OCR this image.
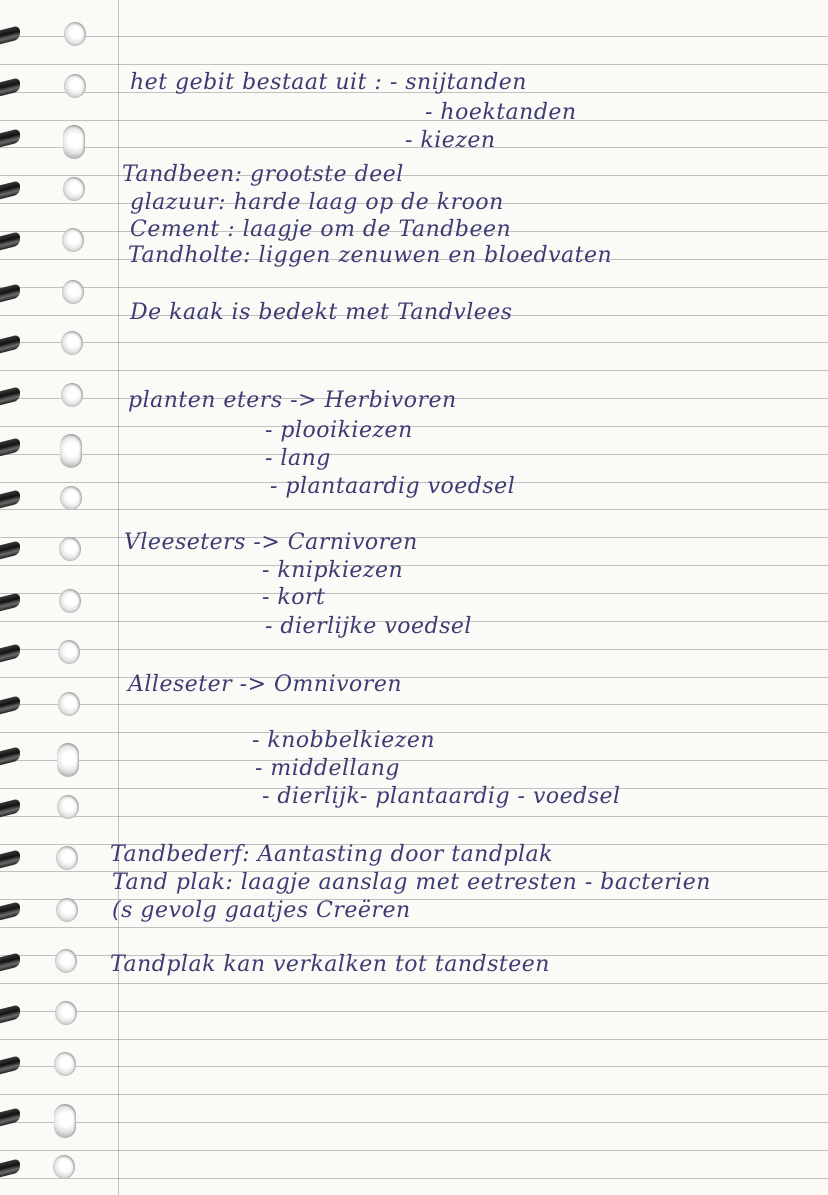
het gebit bestaat uit : - snijtanden

- hoektanden

- kiezen

Tandbeen: grootste deel

glazuur: harde laag op de kroon

Cement : laagje om de Tandbeen

Tandholte: liggen zenuwen en bloedvaten

De kaak is bedekt met Tandvlees

planten eters -> Herbivoren

- plooikiezen

- lang

- plantaardig voedsel

Vleeseters -> Carnivoren

- knipkiezen

- kort

- dierlijke voedsel

Alleseter -> Omnivoren

- knobbelkiezen

- middellang

- dierlijk- plantaardig - voedsel

Tandbederf: Aantasting door tandplak

Tand plak: laagje aanslag met eetresten - bacterien

(s gevolg gaatjes Creëren

Tandplak kan verkalken tot tandsteen
